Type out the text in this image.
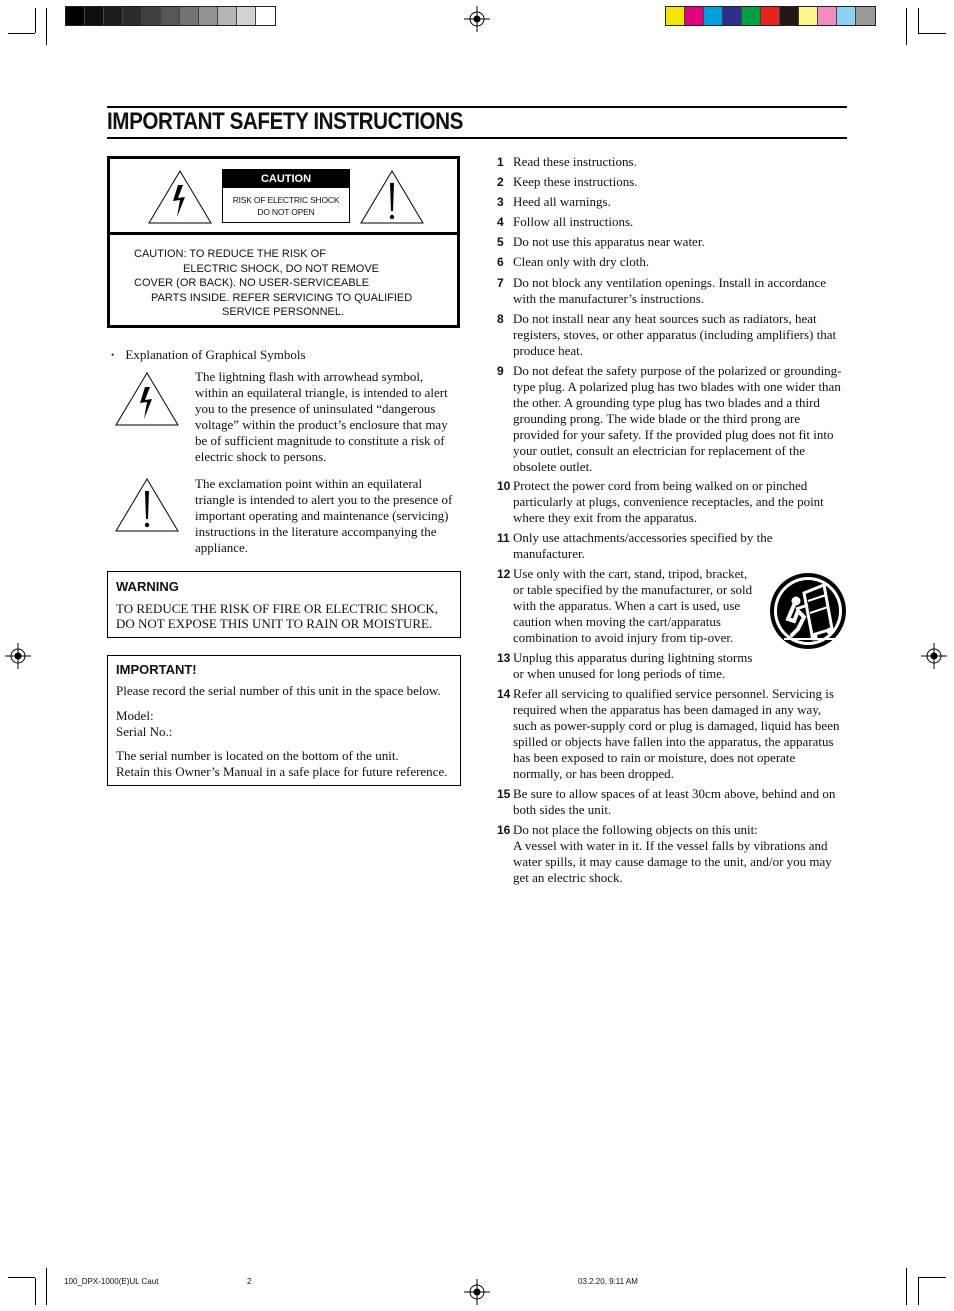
IMPORTANT SAFETY INSTRUCTIONS
CAUTION
RISK OF ELECTRIC SHOCK
DO NOT OPEN
CAUTION: TO REDUCE THE RISK OF
ELECTRIC SHOCK, DO NOT REMOVE
COVER (OR BACK). NO USER-SERVICEABLE
PARTS INSIDE. REFER SERVICING TO QUALIFIED
SERVICE PERSONNEL.
• Explanation of Graphical Symbols
The lightning flash with arrowhead symbol,
within an equilateral triangle, is intended to alert
you to the presence of uninsulated “dangerous
voltage” within the product’s enclosure that may
be of sufficient magnitude to constitute a risk of
electric shock to persons.
The exclamation point within an equilateral
triangle is intended to alert you to the presence of
important operating and maintenance (servicing)
instructions in the literature accompanying the
appliance.
WARNING
TO REDUCE THE RISK OF FIRE OR ELECTRIC SHOCK,
DO NOT EXPOSE THIS UNIT TO RAIN OR MOISTURE.
IMPORTANT!
Please record the serial number of this unit in the space below.
Model:
Serial No.:
The serial number is located on the bottom of the unit.
Retain this Owner’s Manual in a safe place for future reference.
1 Read these instructions.
2 Keep these instructions.
3 Heed all warnings.
4 Follow all instructions.
5 Do not use this apparatus near water.
6 Clean only with dry cloth.
7 Do not block any ventilation openings. Install in accordance
with the manufacturer’s instructions.
8 Do not install near any heat sources such as radiators, heat
registers, stoves, or other apparatus (including amplifiers) that
produce heat.
9 Do not defeat the safety purpose of the polarized or grounding-
type plug. A polarized plug has two blades with one wider than
the other. A grounding type plug has two blades and a third
grounding prong. The wide blade or the third prong are
provided for your safety. If the provided plug does not fit into
your outlet, consult an electrician for replacement of the
obsolete outlet.
10 Protect the power cord from being walked on or pinched
particularly at plugs, convenience receptacles, and the point
where they exit from the apparatus.
11 Only use attachments/accessories specified by the
manufacturer.
12 Use only with the cart, stand, tripod, bracket,
or table specified by the manufacturer, or sold
with the apparatus. When a cart is used, use
caution when moving the cart/apparatus
combination to avoid injury from tip-over.
13 Unplug this apparatus during lightning storms
or when unused for long periods of time.
14 Refer all servicing to qualified service personnel. Servicing is
required when the apparatus has been damaged in any way,
such as power-supply cord or plug is damaged, liquid has been
spilled or objects have fallen into the apparatus, the apparatus
has been exposed to rain or moisture, does not operate
normally, or has been dropped.
15 Be sure to allow spaces of at least 30cm above, behind and on
both sides the unit.
16 Do not place the following objects on this unit:
A vessel with water in it. If the vessel falls by vibrations and
water spills, it may cause damage to the unit, and/or you may
get an electric shock.
100_DPX-1000(E)UL Caut	2	03.2.20, 9:11 AM
